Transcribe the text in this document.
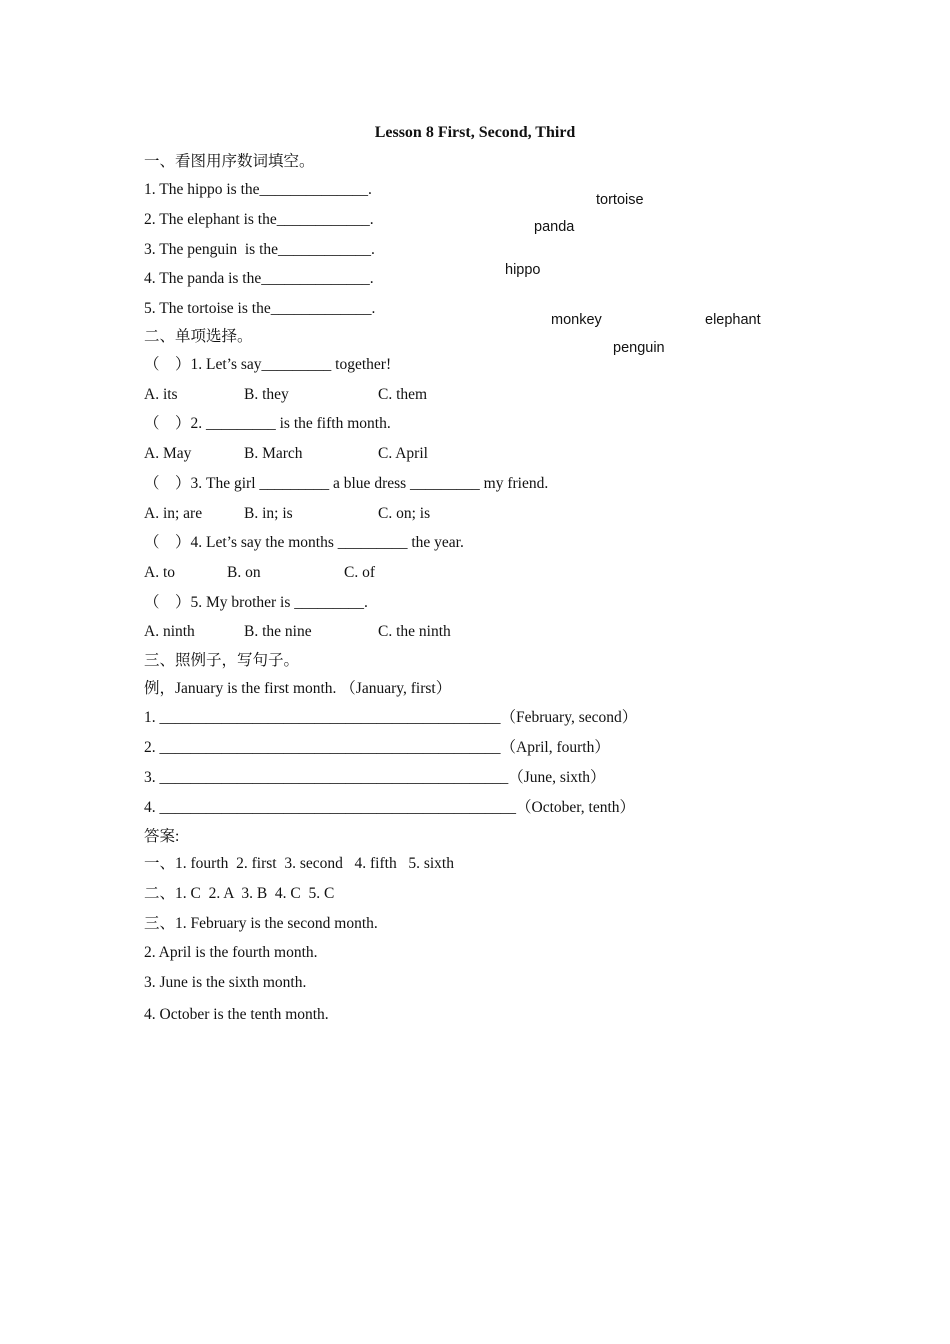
Lesson 8 First, Second, Third
一、看图用序数词填空。
1. The hippo is the______________.
2. The elephant is the____________.
3. The penguin  is the____________.
4. The panda is the______________.
5. The tortoise is the_____________.
tortoise
panda
hippo
monkey	elephant
penguin
二、单项选择。
（    ）1. Let’s say_________ together!
A. its	B. they	C. them
（    ）2. _________ is the fifth month.
A. May	B. March	C. April
（    ）3. The girl _________ a blue dress _________ my friend.
A. in; are	B. in; is	C. on; is
（    ）4. Let’s say the months _________ the year.
A. to	B. on	C. of
（    ）5. My brother is _________.
A. ninth	B. the nine	C. the ninth
三、照例子，写句子。
例，January is the first month. （January, first）
1. ____________________________________________（February, second）
2. ____________________________________________（April, fourth）
3. _____________________________________________（June, sixth）
4. ______________________________________________（October, tenth）
答案:
一、1. fourth  2. first  3. second   4. fifth   5. sixth
二、1. C  2. A  3. B  4. C  5. C
三、1. February is the second month.
2. April is the fourth month.
3. June is the sixth month.
4. October is the tenth month.
